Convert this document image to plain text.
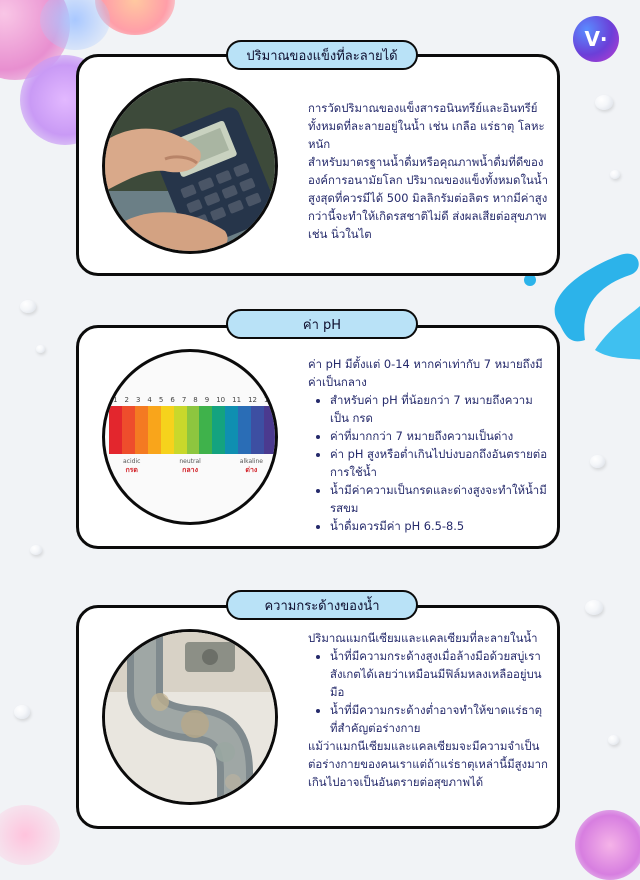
V·
ปริมาณของแข็งที่ละลายได้

การวัดปริมาณของแข็งสารอนินทรีย์และอินทรีย์ทั้งหมดที่ละลายอยู่ในน้ำ เช่น เกลือ แร่ธาตุ โลหะหนัก

สำหรับมาตรฐานน้ำดื่มหรือคุณภาพน้ำดื่มที่ดีขององค์การอนามัยโลก ปริมาณของแข็งทั้งหมดในน้ำสูงสุดที่ควรมีได้ 500 มิลลิกรัมต่อลิตร หากมีค่าสูงกว่านี้จะทำให้เกิดรสชาติไม่ดี ส่งผลเสียต่อสุขภาพเช่น นิ่วในไต

ค่า pH
1 2 3 4 5 6 7 8 9 10 11 12 13
acidic
กรด
neutral
กลาง
alkaline
ด่าง

ค่า pH มีตั้งแต่ 0-14 หากค่าเท่ากับ 7 หมายถึงมีค่าเป็นกลาง

• สำหรับค่า pH ที่น้อยกว่า 7 หมายถึงความเป็น กรด
• ค่าที่มากกว่า 7 หมายถึงความเป็นด่าง
• ค่า pH สูงหรือต่ำเกินไปบ่งบอกถึงอันตรายต่อการใช้น้ำ
• น้ำมีค่าความเป็นกรดและด่างสูงจะทำให้น้ำมีรสขม
• น้ำดื่มควรมีค่า pH 6.5-8.5
ความกระด้างของน้ำ

ปริมาณแมกนีเซียมและแคลเซียมที่ละลายในน้ำ

• น้ำที่มีความกระด้างสูงเมื่อล้างมือด้วยสบู่เราสังเกตได้เลยว่าเหมือนมีฟิล์มหลงเหลืออยู่บนมือ
• น้ำที่มีความกระด้างต่ำอาจทำให้ขาดแร่ธาตุที่สำคัญต่อร่างกาย

แม้ว่าแมกนีเซียมและแคลเซียมจะมีความจำเป็นต่อร่างกายของคนเราแต่ถ้าแร่ธาตุเหล่านี้มีสูงมากเกินไปอาจเป็นอันตรายต่อสุขภาพได้
